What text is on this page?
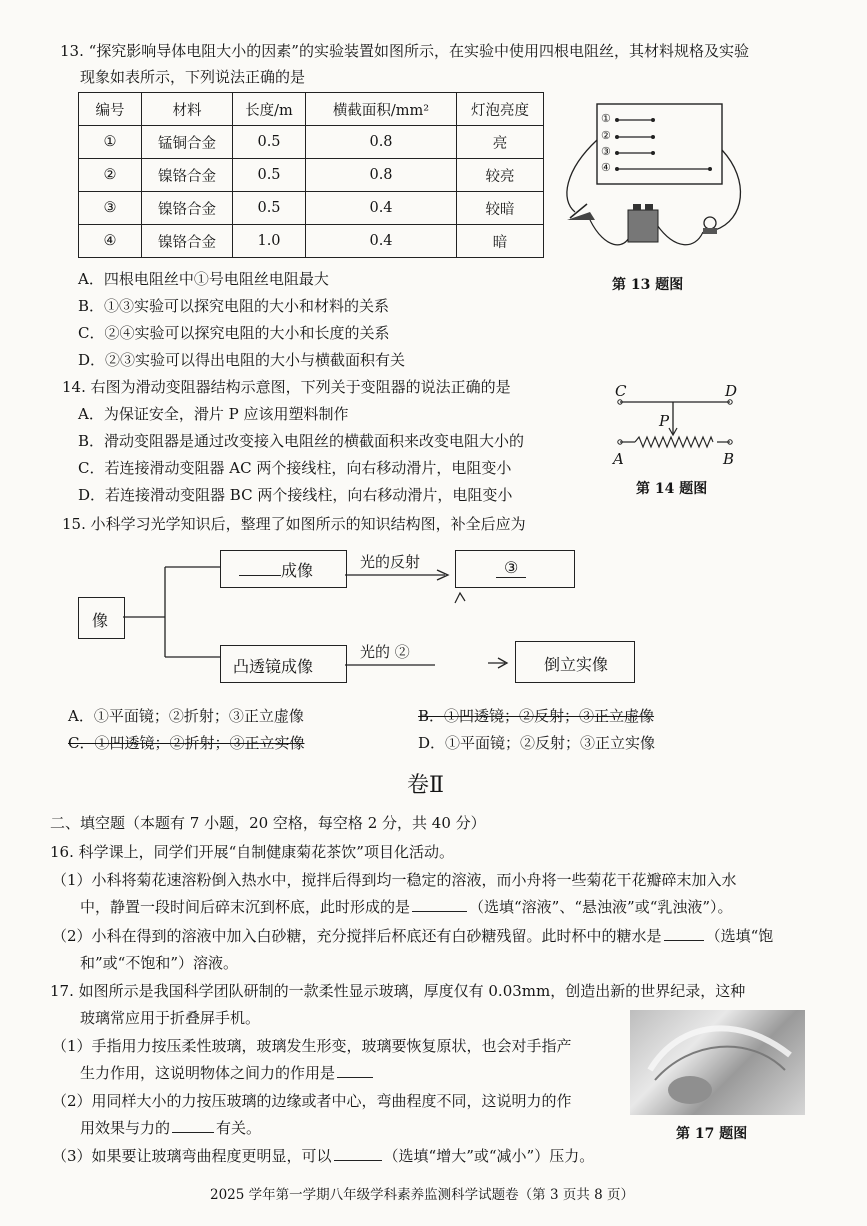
13. “探究影响导体电阻大小的因素”的实验装置如图所示，在实验中使用四根电阻丝，其材料规格及实验
现象如表所示，下列说法正确的是
编号	材料	长度/m	横截面积/mm²	灯泡亮度
①	锰铜合金	0.5	0.8	亮
②	镍铬合金	0.5	0.8	较亮
③	镍铬合金	0.5	0.4	较暗
④	镍铬合金	1.0	0.4	暗
A．四根电阻丝中①号电阻丝电阻最大
B．①③实验可以探究电阻的大小和材料的关系
C．②④实验可以探究电阻的大小和长度的关系
D．②③实验可以得出电阻的大小与横截面积有关
①
②
③
④
第 13 题图
14. 右图为滑动变阻器结构示意图，下列关于变阻器的说法正确的是
A．为保证安全，滑片 P 应该用塑料制作
B．滑动变阻器是通过改变接入电阻丝的横截面积来改变电阻大小的
C．若连接滑动变阻器 AC 两个接线柱，向右移动滑片，电阻变小
D．若连接滑动变阻器 BC 两个接线柱，向右移动滑片，电阻变小
C	D
P
A	B
第 14 题图
15. 小科学习光学知识后，整理了如图所示的知识结构图，补全后应为
像
成像	光的反射	③
凸透镜成像
光的 ②
倒立实像
A．①平面镜；②折射；③正立虚像	B．①凹透镜；②反射；③正立虚像
C．①凹透镜；②折射；③正立实像	D．①平面镜；②反射；③正立实像
卷Ⅱ
二、填空题（本题有 7 小题，20 空格，每空格 2 分，共 40 分）
16. 科学课上，同学们开展“自制健康菊花茶饮”项目化活动。
（1）小科将菊花速溶粉倒入热水中，搅拌后得到均一稳定的溶液，而小舟将一些菊花干花瓣碎末加入水
中，静置一段时间后碎末沉到杯底，此时形成的是	（选填“溶液”、“悬浊液”或“乳浊液”）。
（2）小科在得到的溶液中加入白砂糖，充分搅拌后杯底还有白砂糖残留。此时杯中的糖水是	（选填“饱
和”或“不饱和”）溶液。
17. 如图所示是我国科学团队研制的一款柔性显示玻璃，厚度仅有 0.03mm，创造出新的世界纪录，这种
玻璃常应用于折叠屏手机。
（1）手指用力按压柔性玻璃，玻璃发生形变，玻璃要恢复原状，也会对手指产
生力作用，这说明物体之间力的作用是
（2）用同样大小的力按压玻璃的边缘或者中心，弯曲程度不同，这说明力的作
用效果与力的	有关。
（3）如果要让玻璃弯曲程度更明显，可以	（选填“增大”或“减小”）压力。
第 17 题图
2025 学年第一学期八年级学科素养监测科学试题卷（第 3 页共 8 页）
